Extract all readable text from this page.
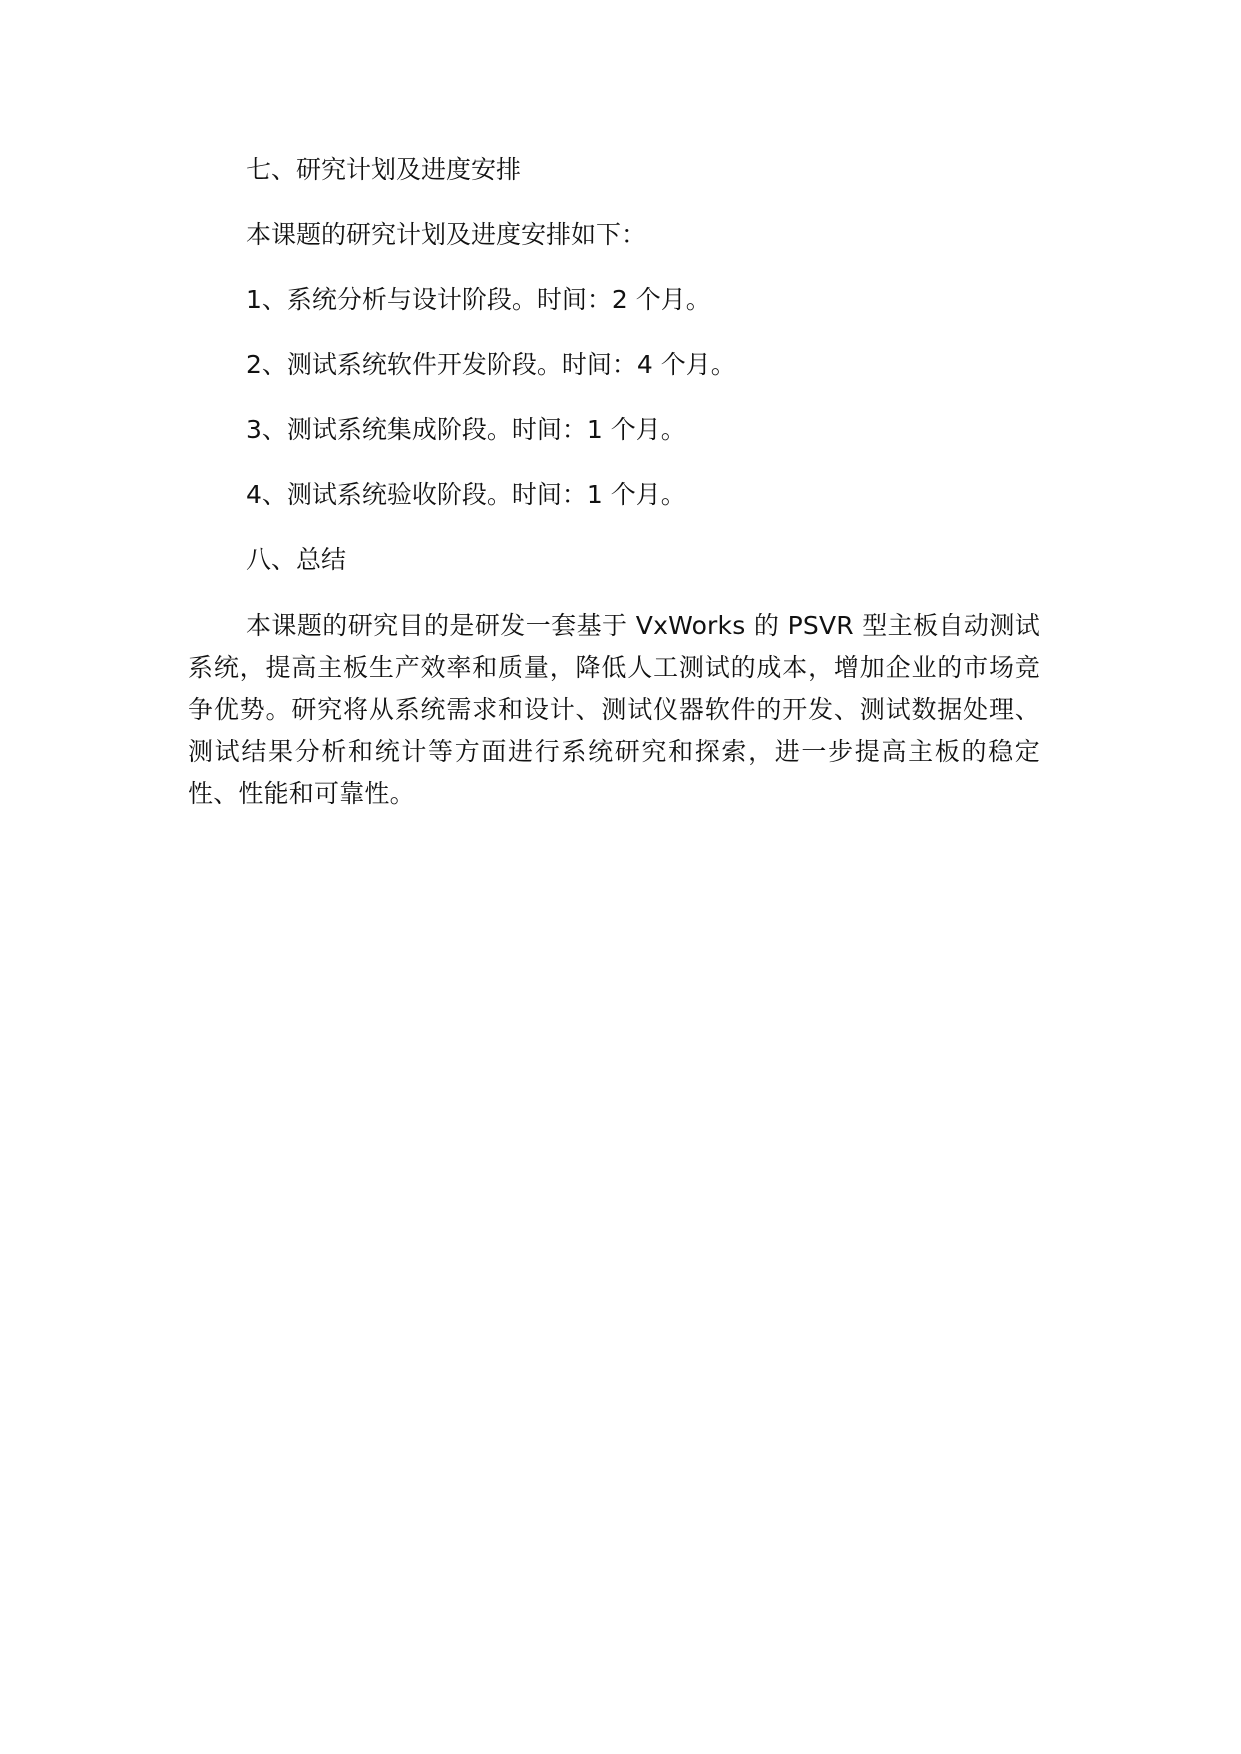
七、研究计划及进度安排

本课题的研究计划及进度安排如下：

1、系统分析与设计阶段。时间：2 个月。

2、测试系统软件开发阶段。时间：4 个月。

3、测试系统集成阶段。时间：1 个月。

4、测试系统验收阶段。时间：1 个月。

八、总结

本课题的研究目的是研发一套基于 VxWorks 的 PSVR 型主板自动测试系统，提高主板生产效率和质量，降低人工测试的成本，增加企业的市场竞争优势。研究将从系统需求和设计、测试仪器软件的开发、测试数据处理、测试结果分析和统计等方面进行系统研究和探索，进一步提高主板的稳定性、性能和可靠性。
